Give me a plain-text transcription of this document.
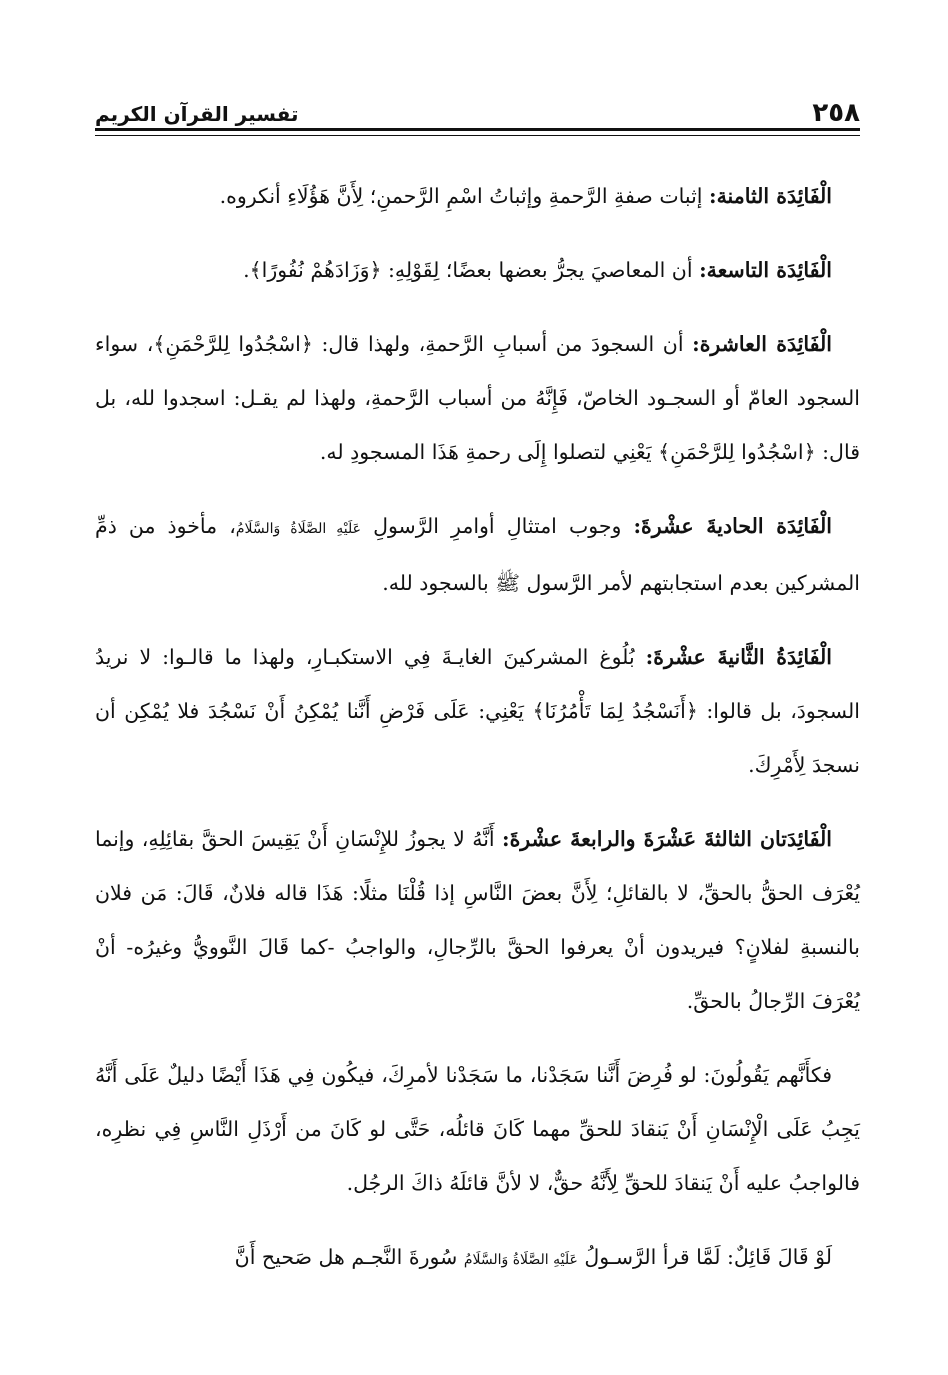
٢٥٨
تفسير القرآن الكريم

الْفَائِدَة الثامنة: إثبات صفةِ الرَّحمةِ وإثباتُ اسْمِ الرَّحمنِ؛ لِأَنَّ هَؤُلَاءِ أنكروه.

الْفَائِدَة التاسعة: أن المعاصيَ يجرُّ بعضها بعضًا؛ لِقَوْلِهِ: ﴿وَزَادَهُمْ نُفُورًا﴾.

الْفَائِدَة العاشرة: أن السجودَ من أسبابِ الرَّحمةِ، ولهذا قال: ﴿اسْجُدُوا لِلرَّحْمَنِ﴾، سواء السجود العامّ أو السجـود الخاصّ، فَإِنَّهُ من أسباب الرَّحمةِ، ولهذا لم يقـل: اسجدوا لله، بل قال: ﴿اسْجُدُوا لِلرَّحْمَنِ﴾ يَعْنِي لتصلوا إِلَى رحمةِ هَذَا المسجودِ له.

الْفَائِدَة الحاديةَ عشْرةَ: وجوب امتثالِ أوامرِ الرَّسولِ عَلَيْهِ الصَّلَاةُ وَالسَّلَامُ، مأخوذ من ذمِّ المشركين بعدم استجابتهم لأمر الرَّسول ﷺ بالسجود لله.

الْفَائِدَةُ الثَّانيةَ عشْرةَ: بُلُوغ المشركينَ الغايـةَ فِي الاستكبـارِ، ولهذا ما قالـوا: لا نريدُ السجودَ، بل قالوا: ﴿أَنَسْجُدُ لِمَا تَأْمُرُنَا﴾ يَعْنِي: عَلَى فَرْضِ أَنَّنا يُمْكِنُ أَنْ نَسْجُدَ فلا يُمْكِن أن نسجدَ لِأَمْرِكَ.

الْفَائِدَتان الثالثةَ عَشْرَةَ والرابعةَ عشْرةَ: أَنَّهُ لا يجوزُ للإِنْسَانِ أَنْ يَقِيسَ الحقَّ بقائِلِهِ، وإنما يُعْرَف الحقُّ بالحقِّ، لا بالقائلِ؛ لِأَنَّ بعضَ النَّاسِ إذا قُلْنَا مثلًا: هَذَا قاله فلانٌ، قَالَ: مَن فلان بالنسبةِ لفلانٍ؟ فيريدون أنْ يعرفوا الحقَّ بالرِّجالِ، والواجبُ -كما قَالَ النَّوويُّ وغيرُه- أنْ يُعْرَفَ الرِّجالُ بالحقِّ.

فكأَنَّهم يَقُولُونَ: لو فُرِضَ أَنَّنا سَجَدْنا، ما سَجَدْنا لأمرِكَ، فيكُون فِي هَذَا أَيْضًا دليلٌ عَلَى أَنَّهُ يَجِبُ عَلَى الْإِنْسَانِ أَنْ يَنقادَ للحقِّ مهما كَانَ قائلُه، حَتَّى لو كَانَ من أَرْذَلِ النَّاسِ فِي نظرِه، فالواجبُ عليه أَنْ يَنقادَ للحقِّ لِأَنَّهُ حقٌّ، لا لأنَّ قائلَهُ ذاكَ الرجُل.

لَوْ قَالَ قَائِلٌ: لَمَّا قرأ الرَّسـولُ عَلَيْهِ الصَّلَاةُ وَالسَّلَامُ سُورةَ النَّجـم هل صَحيح أَنَّ
